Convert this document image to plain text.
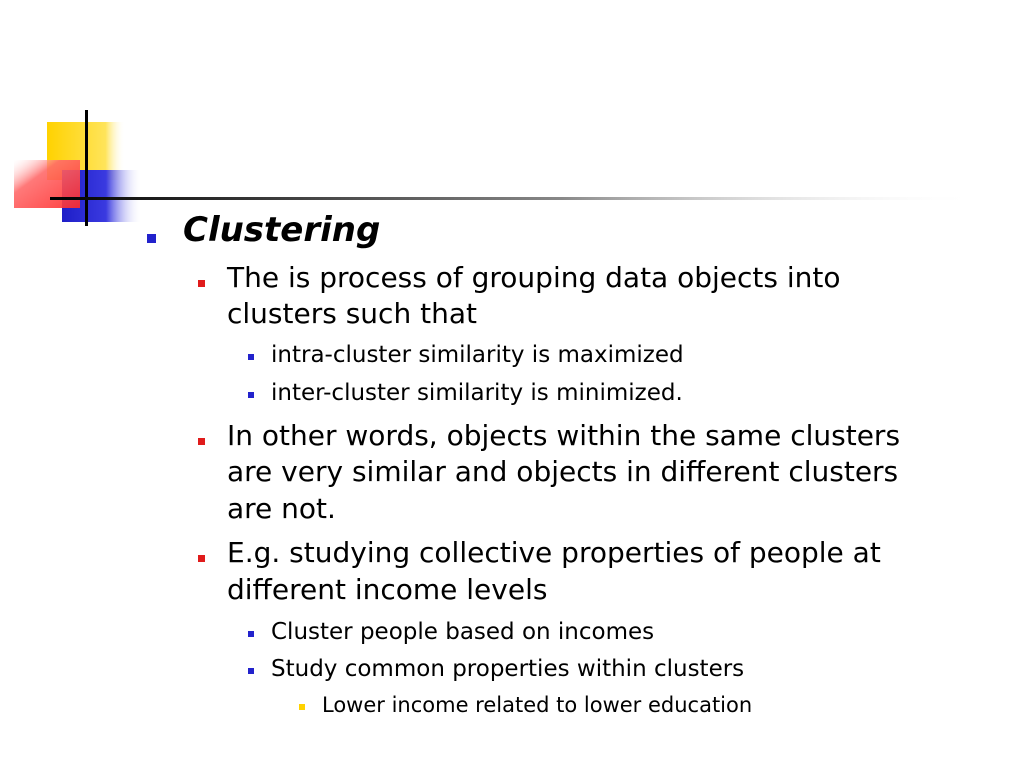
Clustering
The is process of grouping data objects into
clusters such that
intra-cluster similarity is maximized
inter-cluster similarity is minimized.
In other words, objects within the same clusters
are very similar and objects in different clusters
are not.
E.g. studying collective properties of people at
different income levels
Cluster people based on incomes
Study common properties within clusters
Lower income related to lower education
